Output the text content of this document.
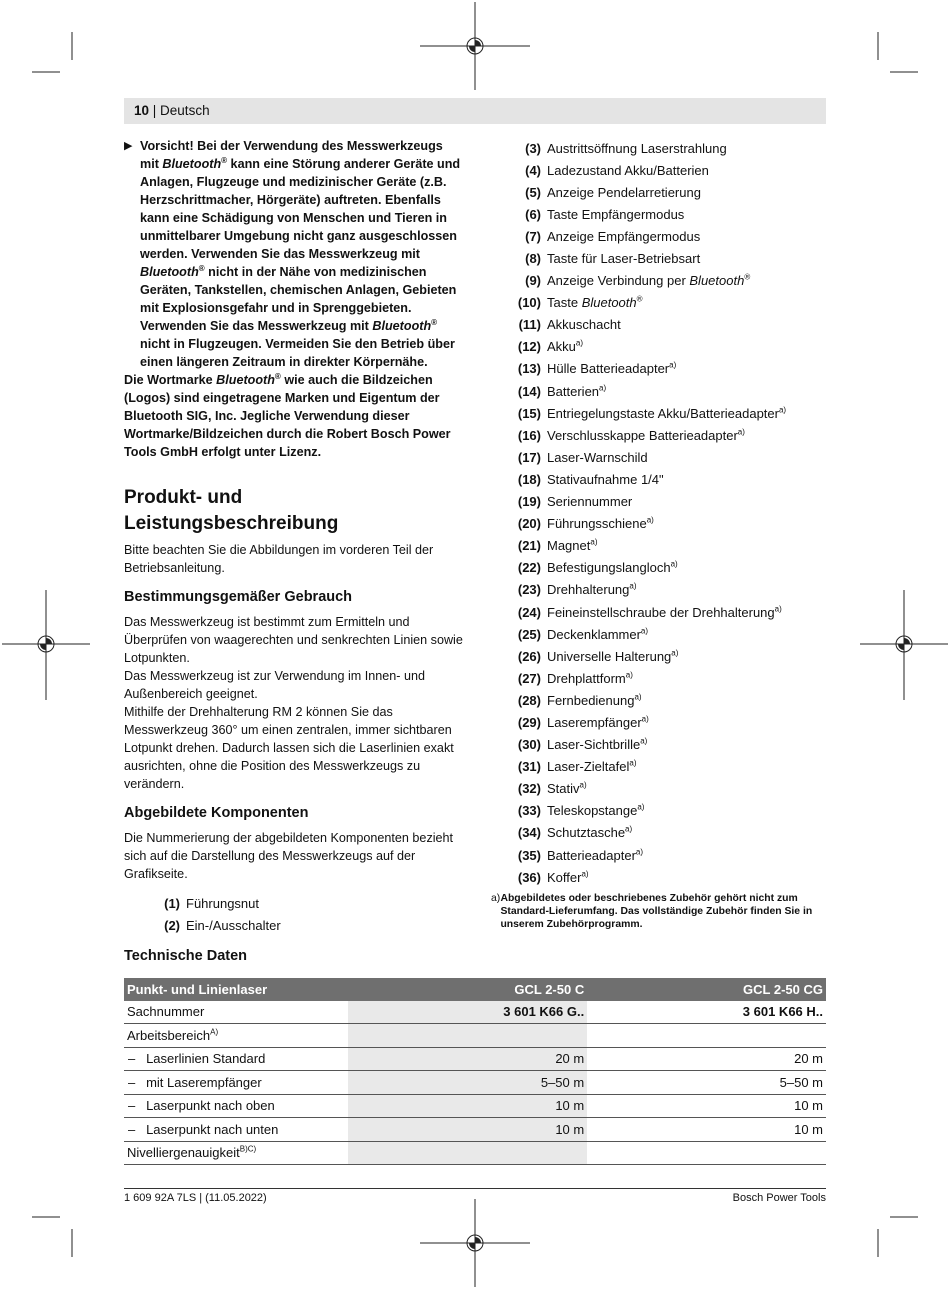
10 | Deutsch
▶ Vorsicht! Bei der Verwendung des Messwerkzeugs mit Bluetooth® kann eine Störung anderer Geräte und Anlagen, Flugzeuge und medizinischer Geräte (z.B. Herzschrittmacher, Hörgeräte) auftreten. Ebenfalls kann eine Schädigung von Menschen und Tieren in unmittelbarer Umgebung nicht ganz ausgeschlossen werden. Verwenden Sie das Messwerkzeug mit Bluetooth® nicht in der Nähe von medizinischen Geräten, Tankstellen, chemischen Anlagen, Gebieten mit Explosionsgefahr und in Sprenggebieten. Verwenden Sie das Messwerkzeug mit Bluetooth® nicht in Flugzeugen. Vermeiden Sie den Betrieb über einen längeren Zeitraum in direkter Körpernähe.

Die Wortmarke Bluetooth® wie auch die Bildzeichen (Logos) sind eingetragene Marken und Eigentum der Bluetooth SIG, Inc. Jegliche Verwendung dieser Wortmarke/Bildzeichen durch die Robert Bosch Power Tools GmbH erfolgt unter Lizenz.

Produkt- und
Leistungsbeschreibung

Bitte beachten Sie die Abbildungen im vorderen Teil der Betriebsanleitung.

Bestimmungsgemäßer Gebrauch

Das Messwerkzeug ist bestimmt zum Ermitteln und Überprüfen von waagerechten und senkrechten Linien sowie Lotpunkten.

Das Messwerkzeug ist zur Verwendung im Innen- und Außenbereich geeignet.

Mithilfe der Drehhalterung RM 2 können Sie das Messwerkzeug 360° um einen zentralen, immer sichtbaren Lotpunkt drehen. Dadurch lassen sich die Laserlinien exakt ausrichten, ohne die Position des Messwerkzeugs zu verändern.

Abgebildete Komponenten

Die Nummerierung der abgebildeten Komponenten bezieht sich auf die Darstellung des Messwerkzeugs auf der Grafikseite.

(1) Führungsnut
(2) Ein-/Ausschalter
(3) Austrittsöffnung Laserstrahlung
(4) Ladezustand Akku/Batterien
(5) Anzeige Pendelarretierung
(6) Taste Empfängermodus
(7) Anzeige Empfängermodus
(8) Taste für Laser-Betriebsart
(9) Anzeige Verbindung per Bluetooth®
(10) Taste Bluetooth®
(11) Akkuschacht
(12) Akku$^{a)}$
(13) Hülle Batterieadapter$^{a)}$
(14) Batterien$^{a)}$
(15) Entriegelungstaste Akku/Batterieadapter$^{a)}$
(16) Verschlusskappe Batterieadapter$^{a)}$
(17) Laser-Warnschild
(18) Stativaufnahme 1/4"
(19) Seriennummer
(20) Führungsschiene$^{a)}$
(21) Magnet$^{a)}$
(22) Befestigungslangloch$^{a)}$
(23) Drehhalterung$^{a)}$
(24) Feineinstellschraube der Drehhalterung$^{a)}$
(25) Deckenklammer$^{a)}$
(26) Universelle Halterung$^{a)}$
(27) Drehplattform$^{a)}$
(28) Fernbedienung$^{a)}$
(29) Laserempfänger$^{a)}$
(30) Laser-Sichtbrille$^{a)}$
(31) Laser-Zieltafel$^{a)}$
(32) Stativ$^{a)}$
(33) Teleskopstange$^{a)}$
(34) Schutztasche$^{a)}$
(35) Batterieadapter$^{a)}$
(36) Koffer$^{a)}$
a) Abgebildetes oder beschriebenes Zubehör gehört nicht zum Standard-Lieferumfang. Das vollständige Zubehör finden Sie in unserem Zubehörprogramm.
Technische Daten
Punkt- und Linienlaser	GCL 2-50 C	GCL 2-50 CG
Sachnummer	3 601 K66 G..	3 601 K66 H..
Arbeitsbereich$^{A)}$		
– Laserlinien Standard	20 m	20 m
– mit Laserempfänger	5–50 m	5–50 m
– Laserpunkt nach oben	10 m	10 m
– Laserpunkt nach unten	10 m	10 m
Nivelliergenauigkeit$^{B)C)}$		
1 609 92A 7LS | (11.05.2022)	Bosch Power Tools
